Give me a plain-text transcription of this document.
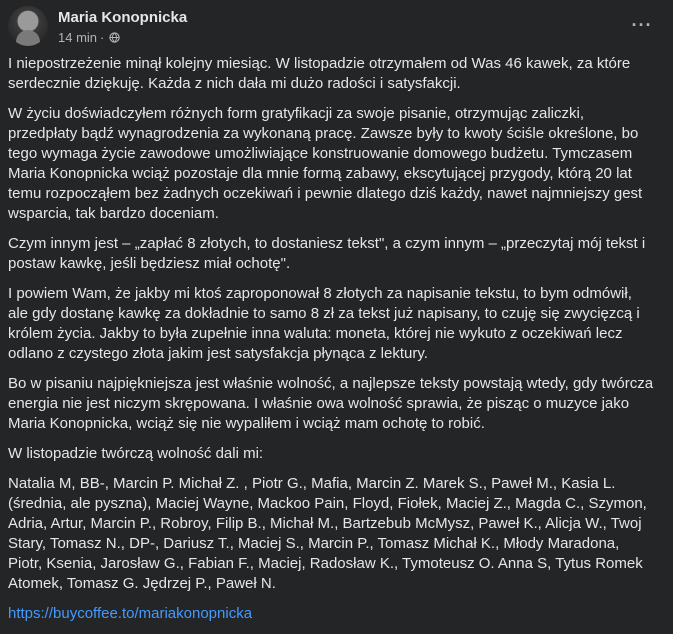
Maria Konopnicka
14 min ·
···

I niepostrzeżenie minął kolejny miesiąc. W listopadzie otrzymałem od Was 46 kawek, za które serdecznie dziękuję. Każda z nich dała mi dużo radości i satysfakcji.

W życiu doświadczyłem różnych form gratyfikacji za swoje pisanie, otrzymując zaliczki, przedpłaty bądź wynagrodzenia za wykonaną pracę. Zawsze były to kwoty ściśle określone, bo tego wymaga życie zawodowe umożliwiające konstruowanie domowego budżetu. Tymczasem Maria Konopnicka wciąż pozostaje dla mnie formą zabawy, ekscytującej przygody, którą 20 lat temu rozpocząłem bez żadnych oczekiwań i pewnie dlatego dziś każdy, nawet najmniejszy gest wsparcia, tak bardzo doceniam.

Czym innym jest – „zapłać 8 złotych, to dostaniesz tekst", a czym innym – „przeczytaj mój tekst i postaw kawkę, jeśli będziesz miał ochotę".

I powiem Wam, że jakby mi ktoś zaproponował 8 złotych za napisanie tekstu, to bym odmówił, ale gdy dostanę kawkę za dokładnie to samo 8 zł za tekst już napisany, to czuję się zwycięzcą i królem życia. Jakby to była zupełnie inna waluta: moneta, której nie wykuto z oczekiwań lecz odlano z czystego złota jakim jest satysfakcja płynąca z lektury.

Bo w pisaniu najpiękniejsza jest właśnie wolność, a najlepsze teksty powstają wtedy, gdy twórcza energia nie jest niczym skrępowana. I właśnie owa wolność sprawia, że pisząc o muzyce jako Maria Konopnicka, wciąż się nie wypaliłem i wciąż mam ochotę to robić.

W listopadzie twórczą wolność dali mi:

Natalia M, BB-, Marcin P. Michał Z. , Piotr G., Mafia, Marcin Z. Marek S., Paweł M., Kasia L.(średnia, ale pyszna), Maciej Wayne, Mackoo Pain, Floyd, Fiołek, Maciej Z., Magda C., Szymon, Adria, Artur, Marcin P., Robroy, Filip B., Michał M., Bartzebub McMysz, Paweł K., Alicja W., Twoj Stary, Tomasz N., DP-, Dariusz T., Maciej S., Marcin P., Tomasz Michał K., Młody Maradona, Piotr, Ksenia, Jarosław G., Fabian F., Maciej, Radosław K., Tymoteusz O. Anna S, Tytus Romek Atomek, Tomasz G. Jędrzej P., Paweł N.

https://buycoffee.to/mariakonopnicka
